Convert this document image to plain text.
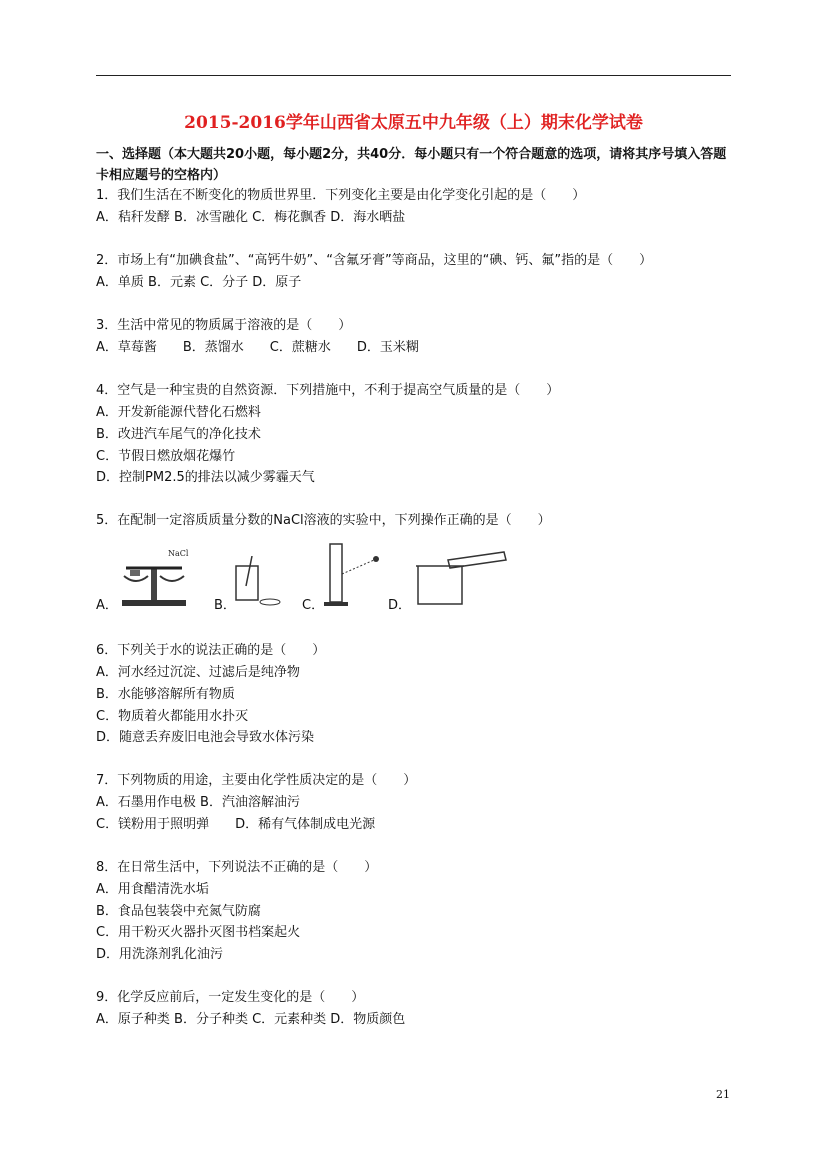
2015-2016学年山西省太原五中九年级（上）期末化学试卷
一、选择题（本大题共20小题，每小题2分，共40分．每小题只有一个符合题意的选项，请将其序号填入答题卡相应题号的空格内）
1．我们生活在不断变化的物质世界里．下列变化主要是由化学变化引起的是（　　）
A．秸秆发酵 B．冰雪融化 C．梅花飘香 D．海水晒盐
2．市场上有“加碘食盐”、“高钙牛奶”、“含氟牙膏”等商品，这里的“碘、钙、氟”指的是（　　）
A．单质 B．元素 C．分子 D．原子
3．生活中常见的物质属于溶液的是（　　）
A．草莓酱　　B．蒸馏水　　C．蔗糖水　　D．玉米糊
4．空气是一种宝贵的自然资源．下列措施中，不利于提高空气质量的是（　　）
A．开发新能源代替化石燃料
B．改进汽车尾气的净化技术
C．节假日燃放烟花爆竹
D．控制PM2.5的排法以减少雾霾天气
5．在配制一定溶质质量分数的NaCl溶液的实验中，下列操作正确的是（　　）
A．
NaCl
B．	C．	D．
6．下列关于水的说法正确的是（　　）
A．河水经过沉淀、过滤后是纯净物
B．水能够溶解所有物质
C．物质着火都能用水扑灭
D．随意丢弃废旧电池会导致水体污染
7．下列物质的用途，主要由化学性质决定的是（　　）
A．石墨用作电极 B．汽油溶解油污
C．镁粉用于照明弹　　D．稀有气体制成电光源
8．在日常生活中，下列说法不正确的是（　　）
A．用食醋清洗水垢
B．食品包装袋中充氮气防腐
C．用干粉灭火器扑灭图书档案起火
D．用洗涤剂乳化油污
9．化学反应前后，一定发生变化的是（　　）
A．原子种类 B．分子种类 C．元素种类 D．物质颜色
21
